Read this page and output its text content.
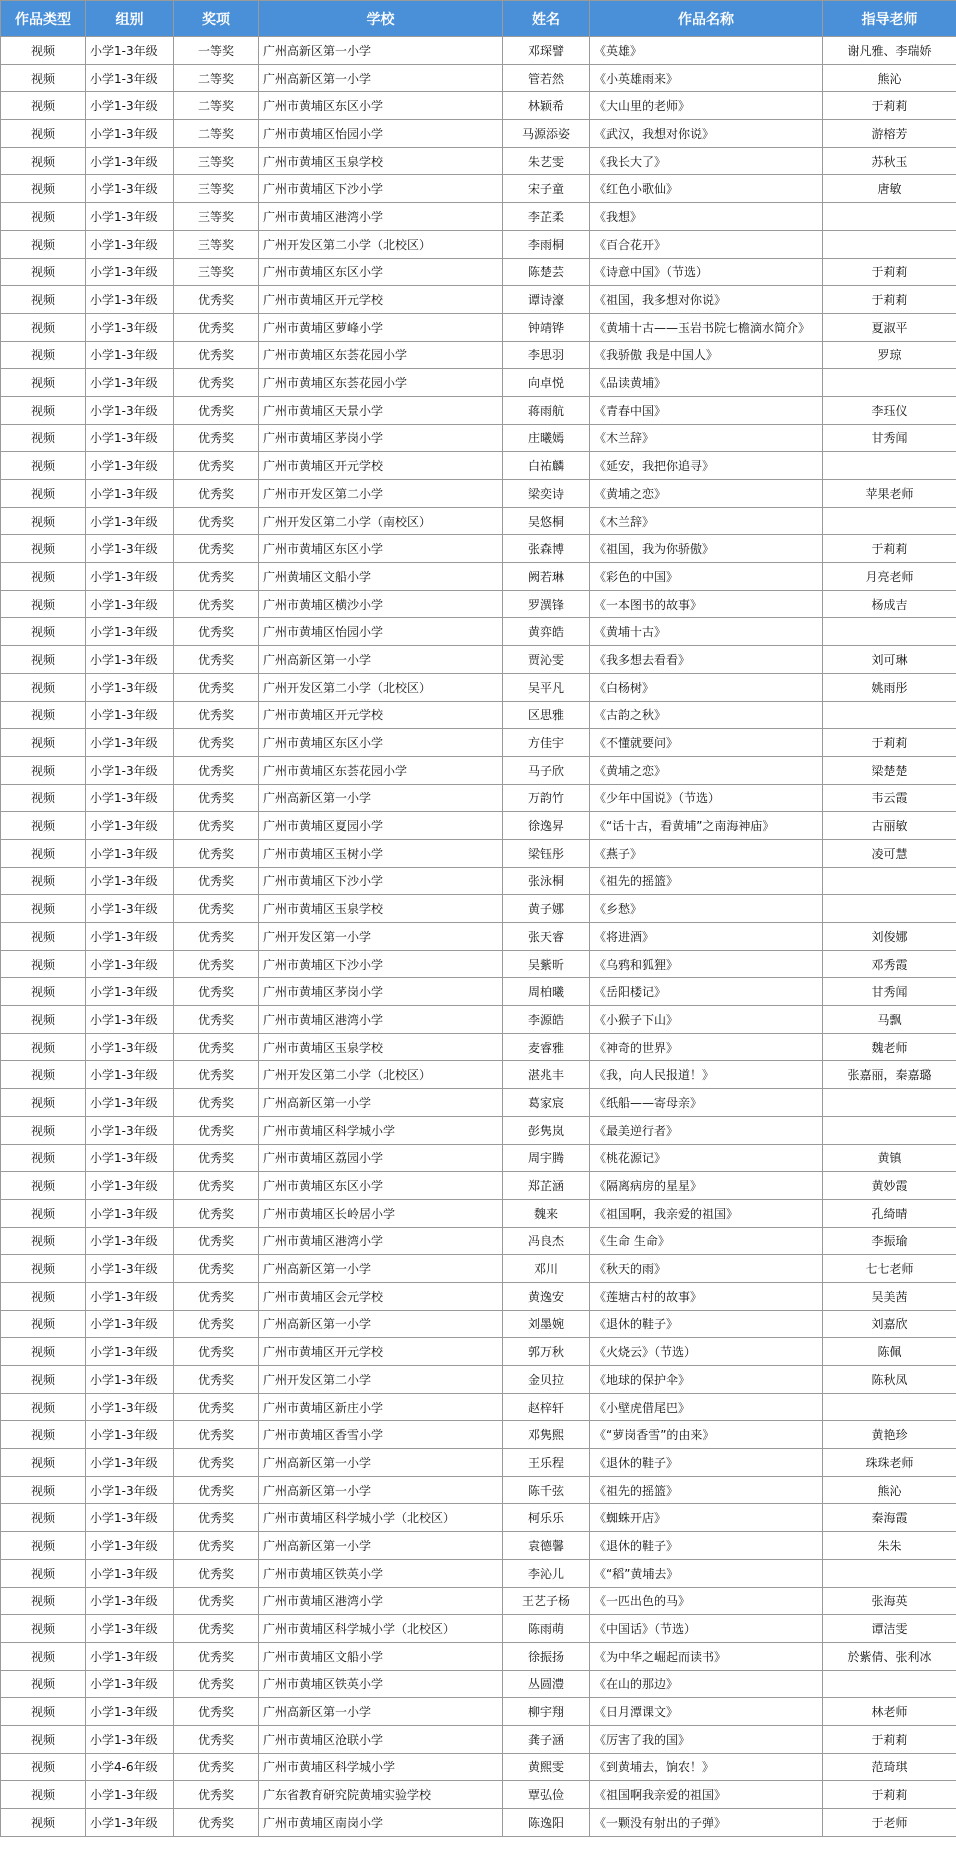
作品类型	组别	奖项	学校	姓名	作品名称	指导老师
视频	小学1-3年级	一等奖	广州高新区第一小学	邓琛譬	《英雄》	谢凡雅、李瑞娇
视频	小学1-3年级	二等奖	广州高新区第一小学	管若然	《小英雄雨来》	熊沁
视频	小学1-3年级	二等奖	广州市黄埔区东区小学	林颖希	《大山里的老师》	于莉莉
视频	小学1-3年级	二等奖	广州市黄埔区怡园小学	马源添姿	《武汉，我想对你说》	游榕芳
视频	小学1-3年级	三等奖	广州市黄埔区玉泉学校	朱艺雯	《我长大了》	苏秋玉
视频	小学1-3年级	三等奖	广州市黄埔区下沙小学	宋子童	《红色小歌仙》	唐敏
视频	小学1-3年级	三等奖	广州市黄埔区港湾小学	李芷柔	《我想》	
视频	小学1-3年级	三等奖	广州开发区第二小学（北校区）	李雨桐	《百合花开》	
视频	小学1-3年级	三等奖	广州市黄埔区东区小学	陈楚芸	《诗意中国》（节选）	于莉莉
视频	小学1-3年级	优秀奖	广州市黄埔区开元学校	谭诗濠	《祖国，我多想对你说》	于莉莉
视频	小学1-3年级	优秀奖	广州市黄埔区萝峰小学	钟靖铧	《黄埔十古——玉岩书院七檐滴水简介》	夏淑平
视频	小学1-3年级	优秀奖	广州市黄埔区东荟花园小学	李思羽	《我骄傲 我是中国人》	罗琼
视频	小学1-3年级	优秀奖	广州市黄埔区东荟花园小学	向卓悦	《品读黄埔》	
视频	小学1-3年级	优秀奖	广州市黄埔区天景小学	蒋雨航	《青春中国》	李珏仪
视频	小学1-3年级	优秀奖	广州市黄埔区茅岗小学	庄曦嫣	《木兰辞》	甘秀闻
视频	小学1-3年级	优秀奖	广州市黄埔区开元学校	白祐麟	《延安，我把你追寻》	
视频	小学1-3年级	优秀奖	广州市开发区第二小学	梁奕诗	《黄埔之恋》	苹果老师
视频	小学1-3年级	优秀奖	广州开发区第二小学（南校区）	吴悠桐	《木兰辞》	
视频	小学1-3年级	优秀奖	广州市黄埔区东区小学	张森博	《祖国，我为你骄傲》	于莉莉
视频	小学1-3年级	优秀奖	广州黄埔区文船小学	阙若琳	《彩色的中国》	月亮老师
视频	小学1-3年级	优秀奖	广州市黄埔区横沙小学	罗潩锋	《一本图书的故事》	杨成吉
视频	小学1-3年级	优秀奖	广州市黄埔区怡园小学	黄弈皓	《黄埔十古》	
视频	小学1-3年级	优秀奖	广州高新区第一小学	贾沁雯	《我多想去看看》	刘可琳
视频	小学1-3年级	优秀奖	广州开发区第二小学（北校区）	吴平凡	《白杨树》	姚雨彤
视频	小学1-3年级	优秀奖	广州市黄埔区开元学校	区思雅	《古韵之秋》	
视频	小学1-3年级	优秀奖	广州市黄埔区东区小学	方佳宇	《不懂就要问》	于莉莉
视频	小学1-3年级	优秀奖	广州市黄埔区东荟花园小学	马子欣	《黄埔之恋》	梁楚楚
视频	小学1-3年级	优秀奖	广州高新区第一小学	万韵竹	《少年中国说》（节选）	韦云霞
视频	小学1-3年级	优秀奖	广州市黄埔区夏园小学	徐逸昇	《“话十古，看黄埔”之南海神庙》	古丽敏
视频	小学1-3年级	优秀奖	广州市黄埔区玉树小学	梁钰彤	《燕子》	凌可慧
视频	小学1-3年级	优秀奖	广州市黄埔区下沙小学	张泳桐	《祖先的摇篮》	
视频	小学1-3年级	优秀奖	广州市黄埔区玉泉学校	黄子娜	《乡愁》	
视频	小学1-3年级	优秀奖	广州开发区第一小学	张天睿	《将进酒》	刘俊娜
视频	小学1-3年级	优秀奖	广州市黄埔区下沙小学	吴紫昕	《乌鸦和狐狸》	邓秀霞
视频	小学1-3年级	优秀奖	广州市黄埔区茅岗小学	周柏曦	《岳阳楼记》	甘秀闻
视频	小学1-3年级	优秀奖	广州市黄埔区港湾小学	李源皓	《小猴子下山》	马飘
视频	小学1-3年级	优秀奖	广州市黄埔区玉泉学校	麦睿雅	《神奇的世界》	魏老师
视频	小学1-3年级	优秀奖	广州开发区第二小学（北校区）	湛兆丰	《我，向人民报道！》	张嘉丽，秦嘉璐
视频	小学1-3年级	优秀奖	广州高新区第一小学	葛家宸	《纸船——寄母亲》	
视频	小学1-3年级	优秀奖	广州市黄埔区科学城小学	彭隽岚	《最美逆行者》	
视频	小学1-3年级	优秀奖	广州市黄埔区荔园小学	周宇腾	《桃花源记》	黄镇
视频	小学1-3年级	优秀奖	广州市黄埔区东区小学	郑芷涵	《隔离病房的星星》	黄妙霞
视频	小学1-3年级	优秀奖	广州市黄埔区长岭居小学	魏来	《祖国啊，我亲爱的祖国》	孔绮晴
视频	小学1-3年级	优秀奖	广州市黄埔区港湾小学	冯良杰	《生命 生命》	李振瑜
视频	小学1-3年级	优秀奖	广州高新区第一小学	邓川	《秋天的雨》	七七老师
视频	小学1-3年级	优秀奖	广州市黄埔区会元学校	黄逸安	《莲塘古村的故事》	吴美茜
视频	小学1-3年级	优秀奖	广州高新区第一小学	刘墨婉	《退休的鞋子》	刘嘉欣
视频	小学1-3年级	优秀奖	广州市黄埔区开元学校	郭万秋	《火烧云》（节选）	陈佩
视频	小学1-3年级	优秀奖	广州开发区第二小学	金贝拉	《地球的保护伞》	陈秋凤
视频	小学1-3年级	优秀奖	广州市黄埔区新庄小学	赵梓轩	《小壁虎借尾巴》	
视频	小学1-3年级	优秀奖	广州市黄埔区香雪小学	邓隽熙	《“萝岗香雪”的由来》	黄艳珍
视频	小学1-3年级	优秀奖	广州高新区第一小学	王乐程	《退休的鞋子》	珠珠老师
视频	小学1-3年级	优秀奖	广州高新区第一小学	陈千弦	《祖先的摇篮》	熊沁
视频	小学1-3年级	优秀奖	广州市黄埔区科学城小学（北校区）	柯乐乐	《蜘蛛开店》	秦海霞
视频	小学1-3年级	优秀奖	广州高新区第一小学	袁德馨	《退休的鞋子》	朱朱
视频	小学1-3年级	优秀奖	广州市黄埔区铁英小学	李沁儿	《“稻”黄埔去》	
视频	小学1-3年级	优秀奖	广州市黄埔区港湾小学	王艺子杨	《一匹出色的马》	张海英
视频	小学1-3年级	优秀奖	广州市黄埔区科学城小学（北校区）	陈雨萌	《中国话》（节选）	谭洁雯
视频	小学1-3年级	优秀奖	广州市黄埔区文船小学	徐振扬	《为中华之崛起而读书》	於紫倩、张利冰
视频	小学1-3年级	优秀奖	广州市黄埔区铁英小学	丛圆澧	《在山的那边》	
视频	小学1-3年级	优秀奖	广州高新区第一小学	柳宇翔	《日月潭课文》	林老师
视频	小学1-3年级	优秀奖	广州市黄埔区沧联小学	龚子涵	《厉害了我的国》	于莉莉
视频	小学4-6年级	优秀奖	广州市黄埔区科学城小学	黄熙雯	《到黄埔去，饷农！》	范琦琪
视频	小学1-3年级	优秀奖	广东省教育研究院黄埔实验学校	覃弘俭	《祖国啊我亲爱的祖国》	于莉莉
视频	小学1-3年级	优秀奖	广州市黄埔区南岗小学	陈逸阳	《一颗没有射出的子弹》	于老师
